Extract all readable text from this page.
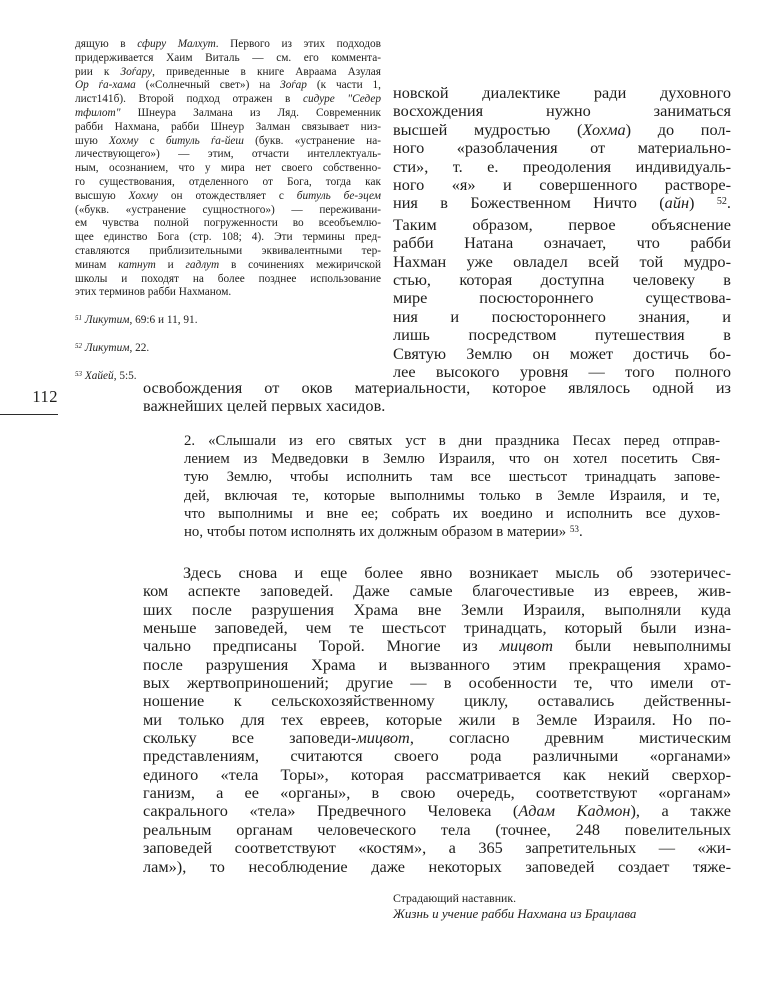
дящую в сфиру Малхут. Первого из этих подходов
придерживается Хаим Виталь — см. его коммента-
рии к Зоѓару, приведенные в книге Авраама Азулая
Ор ѓа-хама («Солнечный свет») на Зоѓар (к части 1,
лист141б). Второй подход отражен в сидуре "Седер
тфилот" Шнеура Залмана из Ляд. Современник
рабби Нахмана, рабби Шнеур Залман связывает низ-
шую Хохму с битуль ѓа-йеш (букв. «устранение на-
личествующего») — этим, отчасти интеллектуаль-
ным, осознанием, что у мира нет своего собственно-
го существования, отделенного от Бога, тогда как
высшую Хохму он отождествляет с битуль бе-эцем
(«букв. «устранение сущностного») — переживани-
ем чувства полной погруженности во всеобъемлю-
щее единство Бога (стр. 108; 4). Эти термины пред-
ставляются приблизительными эквивалентными тер-
минам катнут и гадлут в сочинениях межиричской
школы и походят на более позднее использование
этих терминов рабби Нахманом.
$^{51}$ Ликутим, 69:6 и 11, 91.
$^{52}$ Ликутим, 22.
$^{53}$ Хайей, 5:5.
112
новской диалектике ради духовного
восхождения нужно заниматься
высшей мудростью (Хохма) до пол-
ного «разоблачения от материально-
сти», т. е. преодоления индивидуаль-
ного «я» и совершенного растворе-
ния в Божественном Ничто (айн) $^{52}$.
Таким образом, первое объяснение
рабби Натана означает, что рабби
Нахман уже овладел всей той мудро-
стью, которая доступна человеку в
мире посюстороннего существова-
ния и посюстороннего знания, и
лишь посредством путешествия в
Святую Землю он может достичь бо-
лее высокого уровня — того полного
освобождения от оков материальности, которое являлось одной из
важнейших целей первых хасидов.
2. «Слышали из его святых уст в дни праздника Песах перед отправ-
лением из Медведовки в Землю Израиля, что он хотел посетить Свя-
тую Землю, чтобы исполнить там все шестьсот тринадцать запове-
дей, включая те, которые выполнимы только в Земле Израиля, и те,
что выполнимы и вне ее; собрать их воедино и исполнить все духов-
но, чтобы потом исполнять их должным образом в материи» $^{53}$.
Здесь снова и еще более явно возникает мысль об эзотеричес-
ком аспекте заповедей. Даже самые благочестивые из евреев, жив-
ших после разрушения Храма вне Земли Израиля, выполняли куда
меньше заповедей, чем те шестьсот тринадцать, который были изна-
чально предписаны Торой. Многие из мицвот были невыполнимы
после разрушения Храма и вызванного этим прекращения храмо-
вых жертвоприношений; другие — в особенности те, что имели от-
ношение к сельскохозяйственному циклу, оставались действенны-
ми только для тех евреев, которые жили в Земле Израиля. Но по-
скольку все заповеди-мицвот, согласно древним мистическим
представлениям, считаются своего рода различными «органами»
единого «тела Торы», которая рассматривается как некий сверхор-
ганизм, а ее «органы», в свою очередь, соответствуют «органам»
сакрального «тела» Предвечного Человека (Адам Кадмон), а также
реальным органам человеческого тела (точнее, 248 повелительных
заповедей соответствуют «костям», а 365 запретительных — «жи-
лам»), то несоблюдение даже некоторых заповедей создает тяже-
Страдающий наставник.
Жизнь и учение рабби Нахмана из Брацлава
